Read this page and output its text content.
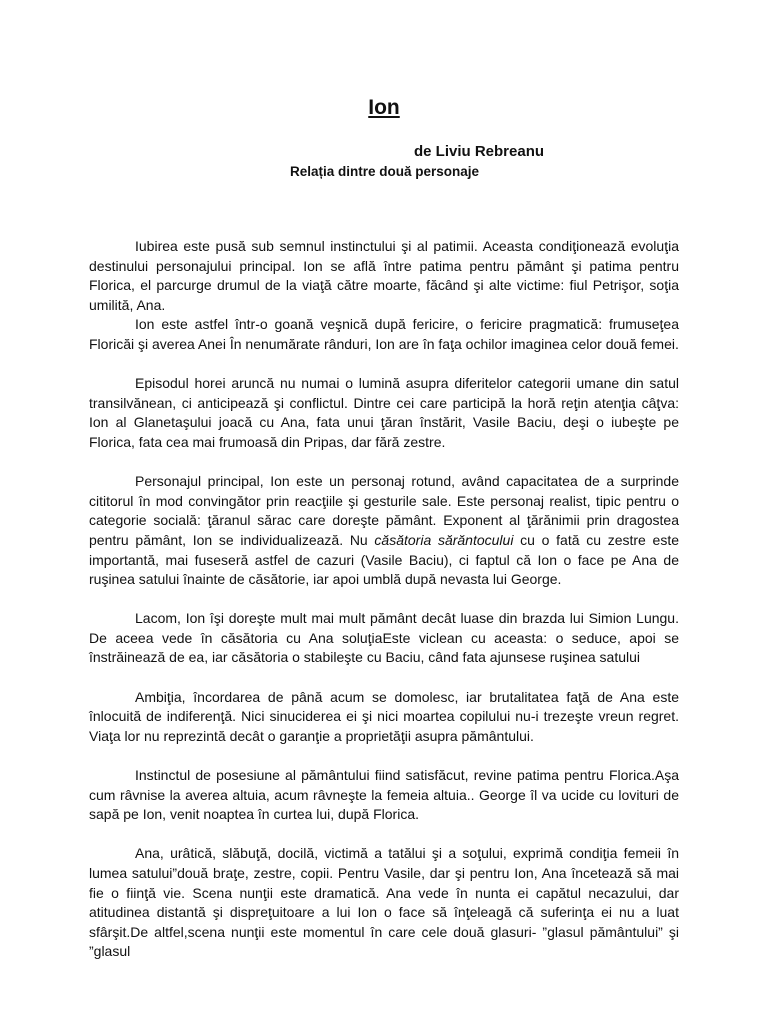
Ion
de Liviu Rebreanu
Relația dintre două personaje

Iubirea este pusă sub semnul instinctului şi al patimii. Aceasta condiţionează evoluţia destinului personajului principal. Ion se află între patima pentru pământ şi patima pentru Florica, el parcurge drumul de la viaţă către moarte, făcând şi alte victime: fiul Petrişor, soţia umilită, Ana.

Ion este astfel într-o goană veşnică după fericire, o fericire pragmatică: frumuseţea Floricăi şi averea Anei În nenumărate rânduri, Ion are în faţa ochilor imaginea celor două femei.

Episodul horei aruncă nu numai o lumină asupra diferitelor categorii umane din satul transilvănean, ci anticipează şi conflictul. Dintre cei care participă la horă reţin atenţia câţva: Ion al Glanetaşului joacă cu Ana, fata unui ţăran înstărit, Vasile Baciu, deşi o iubeşte pe Florica, fata cea mai frumoasă din Pripas, dar fără zestre.

Personajul principal, Ion este un personaj rotund, având capacitatea de a surprinde cititorul în mod convingător prin reacţiile şi gesturile sale. Este personaj realist, tipic pentru o categorie socială: ţăranul sărac care doreşte pământ. Exponent al ţărănimii prin dragostea pentru pământ, Ion se individualizează. Nu căsătoria sărăntocului cu o fată cu zestre este importantă, mai fuseseră astfel de cazuri (Vasile Baciu), ci faptul că Ion o face pe Ana de ruşinea satului înainte de căsătorie, iar apoi umblă după nevasta lui George.

Lacom, Ion îşi doreşte mult mai mult pământ decât luase din brazda lui Simion Lungu. De aceea vede în căsătoria cu Ana soluţiaEste viclean cu aceasta: o seduce, apoi se înstrăinează de ea, iar căsătoria o stabileşte cu Baciu, când fata ajunsese ruşinea satului

Ambiţia, încordarea de până acum se domolesc, iar brutalitatea faţă de Ana este înlocuită de indiferenţă. Nici sinuciderea ei şi nici moartea copilului nu-i trezeşte vreun regret. Viaţa lor nu reprezintă decât o garanţie a proprietăţii asupra pământului.

Instinctul de posesiune al pământului fiind satisfăcut, revine patima pentru Florica.Aşa cum râvnise la averea altuia, acum râvneşte la femeia altuia.. George îl va ucide cu lovituri de sapă pe Ion, venit noaptea în curtea lui, după Florica.

Ana, urâtică, slăbuţă, docilă, victimă a tatălui şi a soţului, exprimă condiţia femeii în lumea satului”două braţe, zestre, copii. Pentru Vasile, dar şi pentru Ion, Ana încetează să mai fie o fiinţă vie. Scena nunţii este dramatică. Ana vede în nunta ei capătul necazului, dar atitudinea distantă şi dispreţuitoare a lui Ion o face să înţeleagă că suferinţa ei nu a luat sfârşit.De altfel,scena nunţii este momentul în care cele două glasuri- ”glasul pământului” şi ”glasul
